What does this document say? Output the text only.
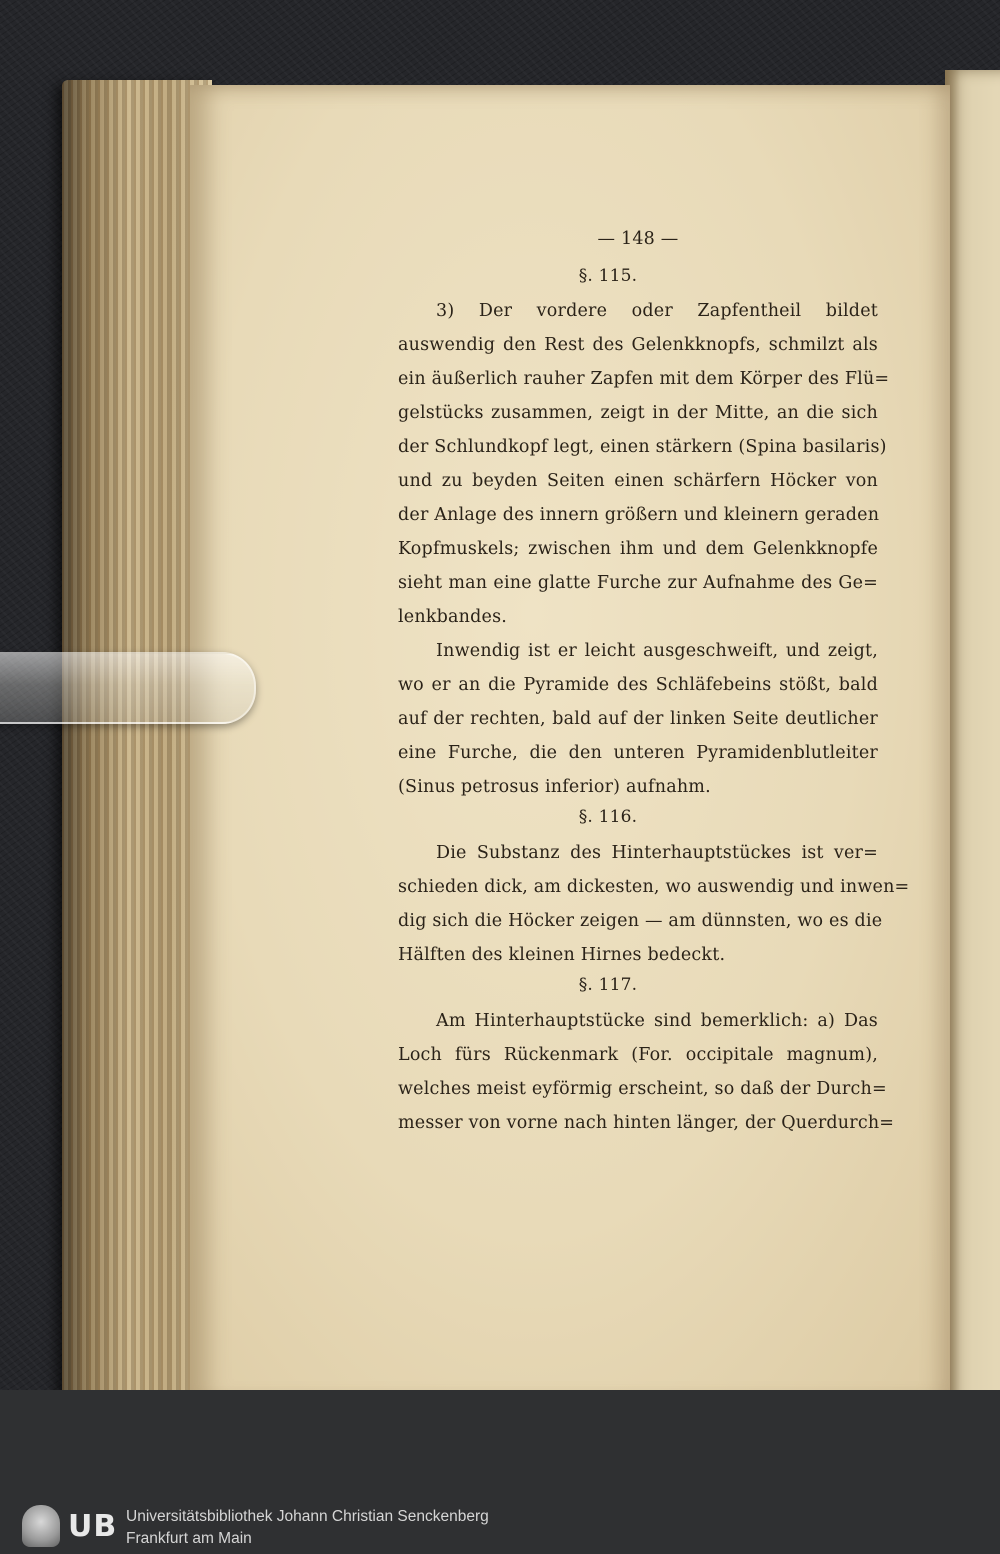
— 148 —
§. 115.
3) Der vordere oder Zapfentheil bildet
auswendig den Rest des Gelenkknopfs, schmilzt als
ein äußerlich rauher Zapfen mit dem Körper des Flü=
gelstücks zusammen, zeigt in der Mitte, an die sich
der Schlundkopf legt, einen stärkern (Spina basilaris)
und zu beyden Seiten einen schärfern Höcker von
der Anlage des innern größern und kleinern geraden
Kopfmuskels; zwischen ihm und dem Gelenkknopfe
sieht man eine glatte Furche zur Aufnahme des Ge=
lenkbandes.
Inwendig ist er leicht ausgeschweift, und zeigt,
wo er an die Pyramide des Schläfebeins stößt, bald
auf der rechten, bald auf der linken Seite deutlicher
eine Furche, die den unteren Pyramidenblutleiter
(Sinus petrosus inferior) aufnahm.
§. 116.
Die Substanz des Hinterhauptstückes ist ver=
schieden dick, am dickesten, wo auswendig und inwen=
dig sich die Höcker zeigen — am dünnsten, wo es die
Hälften des kleinen Hirnes bedeckt.
§. 117.
Am Hinterhauptstücke sind bemerklich: a) Das
Loch fürs Rückenmark (For. occipitale magnum),
welches meist eyförmig erscheint, so daß der Durch=
messer von vorne nach hinten länger, der Querdurch=
UB Universitätsbibliothek Johann Christian Senckenberg
Frankfurt am Main
